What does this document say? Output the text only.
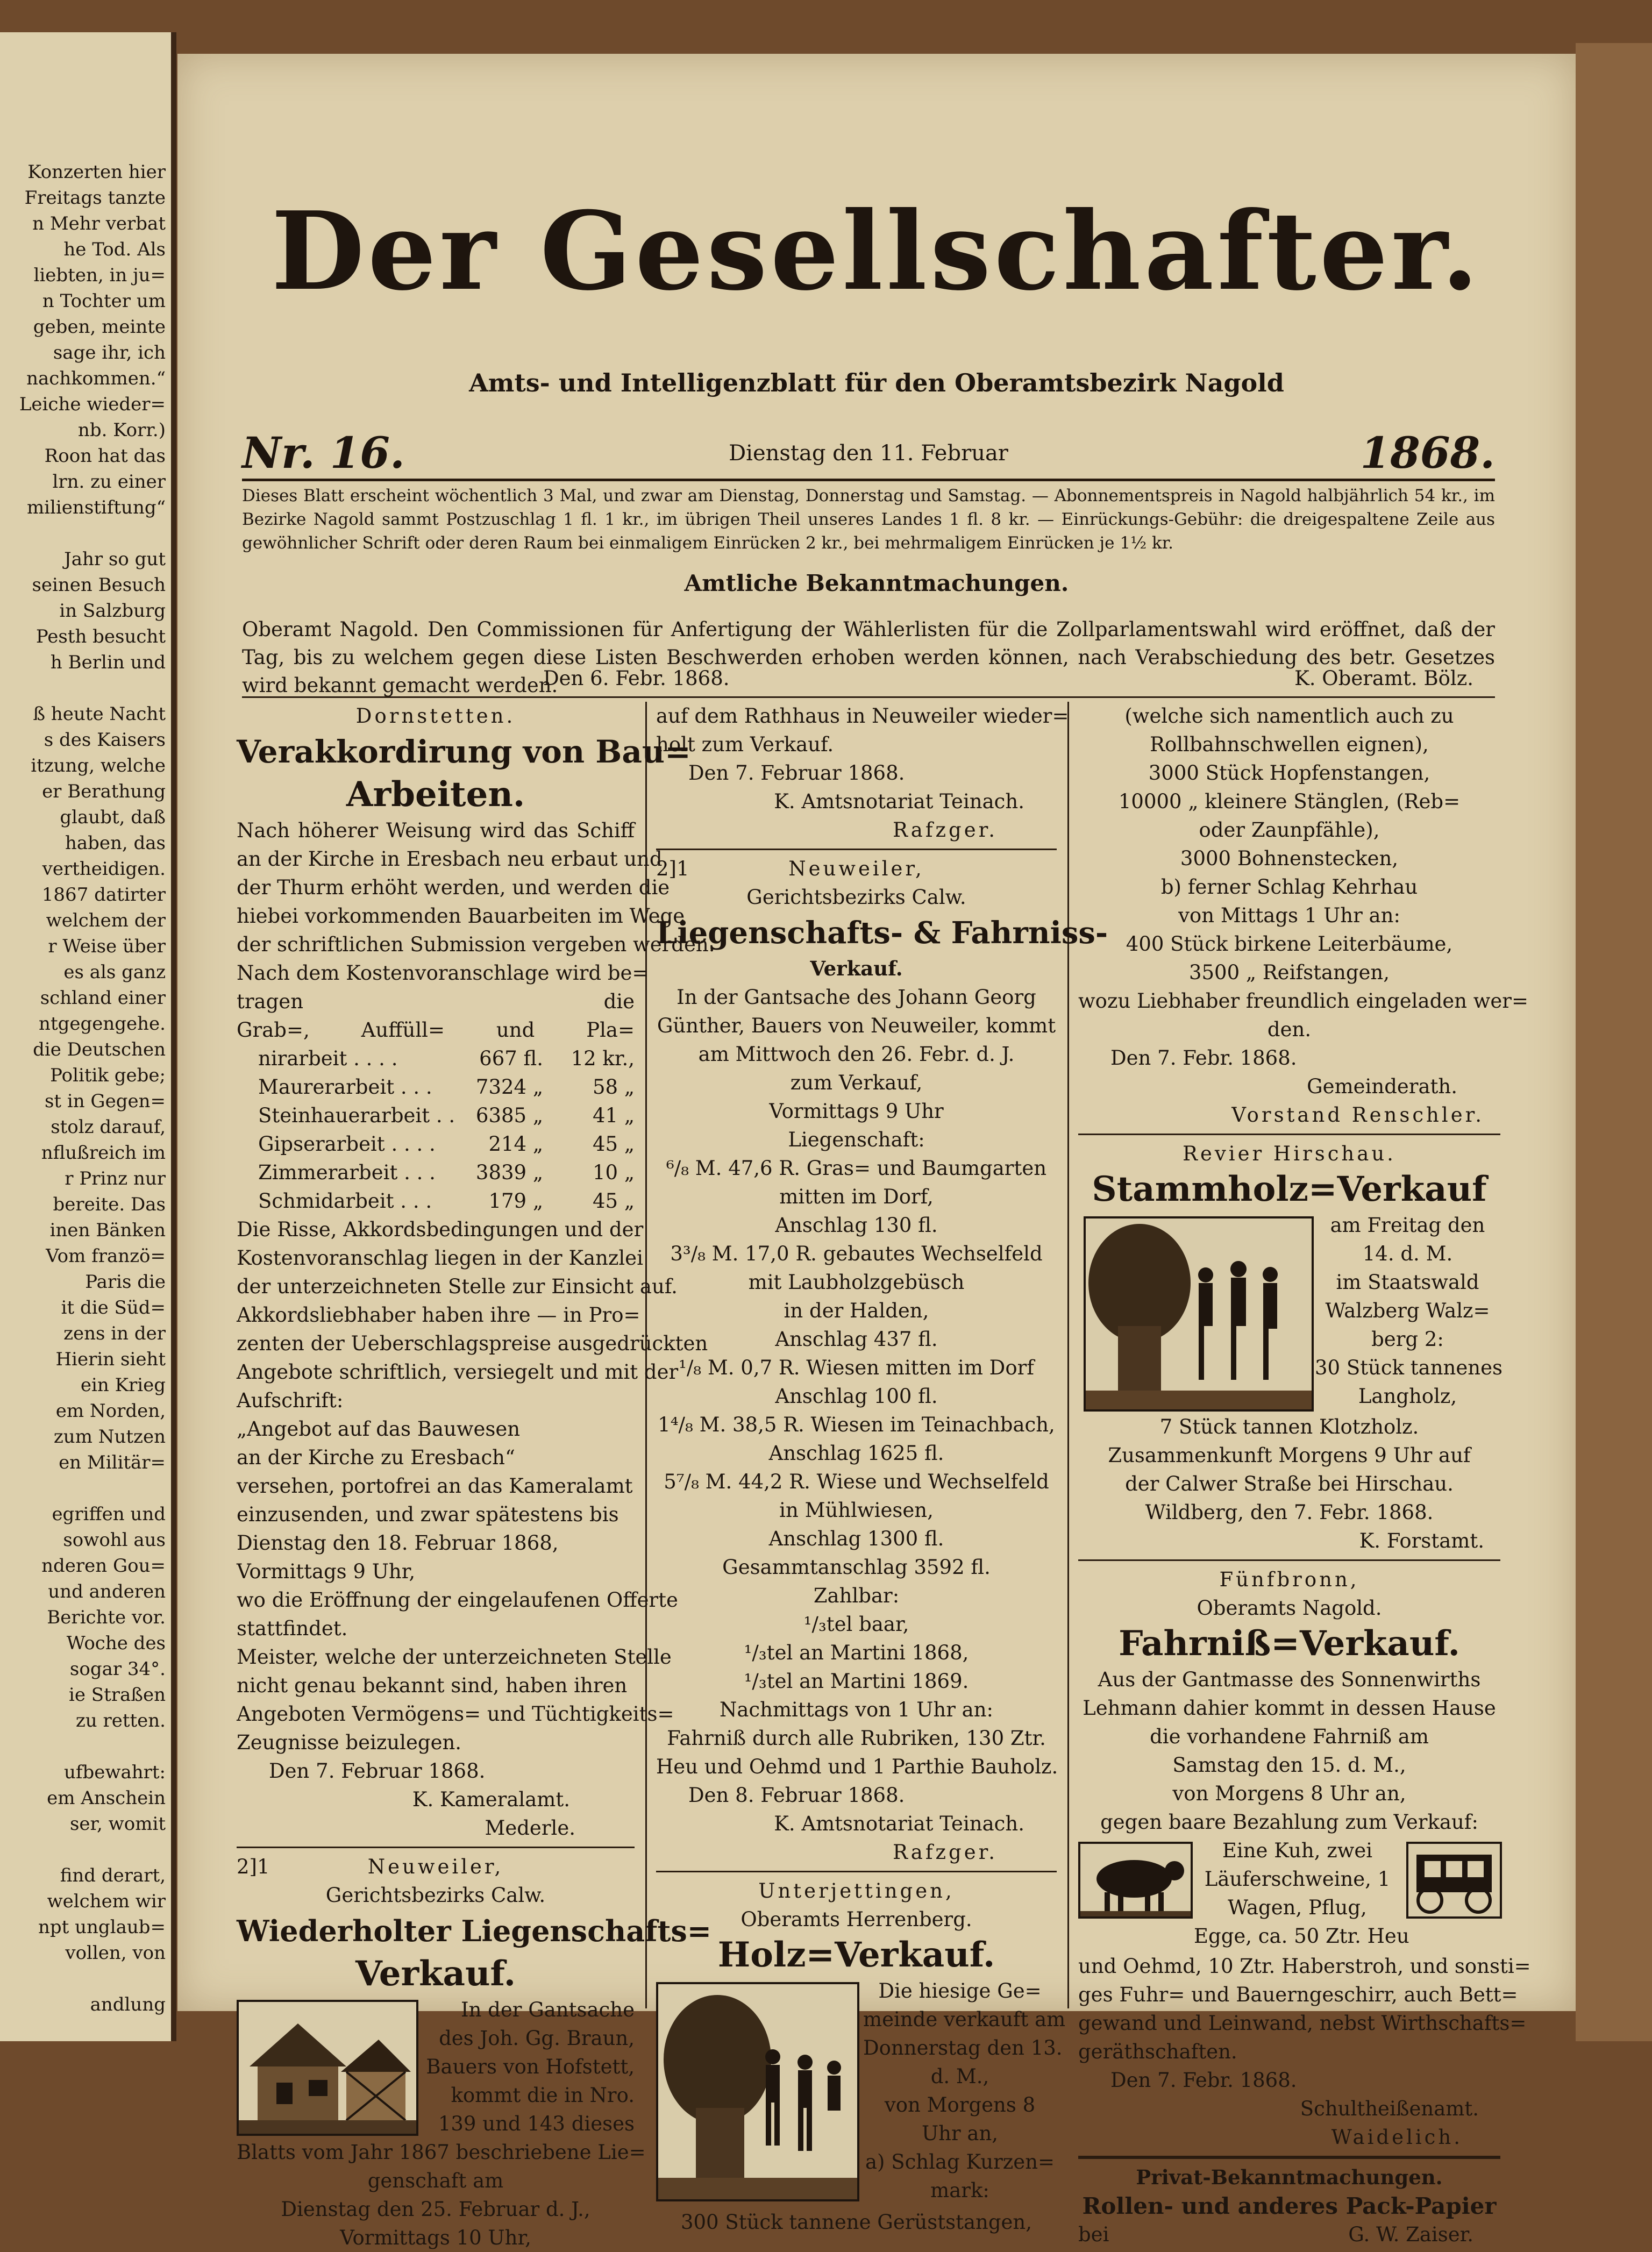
Konzerten hier
Freitags tanzte
n Mehr verbat
he Tod. Als
liebten, in ju=
n Tochter um
geben, meinte
sage ihr, ich
nachkommen.“
Leiche wieder=
nb. Korr.)
Roon hat das
lrn. zu einer
milienstiftung“
Jahr so gut
seinen Besuch
in Salzburg
Pesth besucht
h Berlin und
ß heute Nacht
s des Kaisers
itzung, welche
er Berathung
glaubt, daß
haben, das
vertheidigen.
1867 datirter
welchem der
r Weise über
es als ganz
schland einer
ntgegengehe.
die Deutschen
Politik gebe;
st in Gegen=
stolz darauf,
nflußreich im
r Prinz nur
bereite. Das
inen Bänken
Vom franzö=
Paris die
it die Süd=
zens in der
Hierin sieht
ein Krieg
em Norden,
zum Nutzen
en Militär=
egriffen und
sowohl aus
nderen Gou=
und anderen
Berichte vor.
Woche des
sogar 34°.
ie Straßen
zu retten.
ufbewahrt:
em Anschein
ser, womit
find derart,
welchem wir
npt unglaub=
vollen, von
andlung
Der Gesellschafter.
Amts- und Intelligenzblatt für den Oberamtsbezirk Nagold
Nr. 16.	Dienstag den 11. Februar	1868.
Dieses Blatt erscheint wöchentlich 3 Mal, und zwar am Dienstag, Donnerstag und Samstag. — Abonnementspreis in Nagold halbjährlich 54 kr., im Bezirke Nagold sammt Postzuschlag 1 fl. 1 kr., im übrigen Theil unseres Landes 1 fl. 8 kr. — Einrückungs-Gebühr: die dreigespaltene Zeile aus gewöhnlicher Schrift oder deren Raum bei einmaligem Einrücken 2 kr., bei mehrmaligem Einrücken je 1½ kr.
Amtliche Bekanntmachungen.
Oberamt Nagold. Den Commissionen für Anfertigung der Wählerlisten für die Zollparlamentswahl wird eröffnet, daß der Tag, bis zu welchem gegen diese Listen Beschwerden erhoben werden können, nach Verabschiedung des betr. Gesetzes wird bekannt gemacht werden.
Den 6. Febr. 1868.	K. Oberamt. Bölz.
Dornstetten.
Verakkordirung von Bau=
Arbeiten.
Nach höherer Weisung wird das Schiff
an der Kirche in Eresbach neu erbaut und
der Thurm erhöht werden, und werden die
hiebei vorkommenden Bauarbeiten im Wege
der schriftlichen Submission vergeben werden.
Nach dem Kostenvoranschlage wird be=
tragen die
Grab=, Auffüll= und Pla=
nirarbeit . . . .	667 fl.	12 kr.,
Maurerarbeit . . .	7324 „	58 „
Steinhauerarbeit . .	6385 „	41 „
Gipserarbeit . . . .	214 „	45 „
Zimmerarbeit . . .	3839 „	10 „
Schmidarbeit . . .	179 „	45 „
Die Risse, Akkordsbedingungen und der
Kostenvoranschlag liegen in der Kanzlei
der unterzeichneten Stelle zur Einsicht auf.
Akkordsliebhaber haben ihre — in Pro=
zenten der Ueberschlagspreise ausgedrückten
Angebote schriftlich, versiegelt und mit der
Aufschrift:
„Angebot auf das Bauwesen
an der Kirche zu Eresbach“
versehen, portofrei an das Kameralamt
einzusenden, und zwar spätestens bis
Dienstag den 18. Februar 1868,
Vormittags 9 Uhr,
wo die Eröffnung der eingelaufenen Offerte
stattfindet.
Meister, welche der unterzeichneten Stelle
nicht genau bekannt sind, haben ihren
Angeboten Vermögens= und Tüchtigkeits=
Zeugnisse beizulegen.
Den 7. Februar 1868.
K. Kameralamt.
Mederle.
2]1	Neuweiler,
Gerichtsbezirks Calw.
Wiederholter Liegenschafts=
Verkauf.
In der Gantsache
des Joh. Gg. Braun,
Bauers von Hofstett,
kommt die in Nro.
139 und 143 dieses
Blatts vom Jahr 1867 beschriebene Lie=
genschaft am
Dienstag den 25. Februar d. J.,
Vormittags 10 Uhr,
auf dem Rathhaus in Neuweiler wieder=
holt zum Verkauf.
Den 7. Februar 1868.
K. Amtsnotariat Teinach.
Rafzger.
2]1	Neuweiler,
Gerichtsbezirks Calw.
Liegenschafts- & Fahrniss-
Verkauf.
In der Gantsache des Johann Georg
Günther, Bauers von Neuweiler, kommt
am Mittwoch den 26. Febr. d. J.
zum Verkauf,
Vormittags 9 Uhr
Liegenschaft:
⁶/₈ M. 47,6 R. Gras= und Baumgarten
mitten im Dorf,
Anschlag 130 fl.
3³/₈ M. 17,0 R. gebautes Wechselfeld
mit Laubholzgebüsch
in der Halden,
Anschlag 437 fl.
¹/₈ M. 0,7 R. Wiesen mitten im Dorf
Anschlag 100 fl.
1⁴/₈ M. 38,5 R. Wiesen im Teinachbach,
Anschlag 1625 fl.
5⁷/₈ M. 44,2 R. Wiese und Wechselfeld
in Mühlwiesen,
Anschlag 1300 fl.
Gesammtanschlag 3592 fl.
Zahlbar:
¹/₃tel baar,
¹/₃tel an Martini 1868,
¹/₃tel an Martini 1869.
Nachmittags von 1 Uhr an:
Fahrniß durch alle Rubriken, 130 Ztr.
Heu und Oehmd und 1 Parthie Bauholz.
Den 8. Februar 1868.
K. Amtsnotariat Teinach.
Rafzger.
Unterjettingen,
Oberamts Herrenberg.
Holz=Verkauf.
Die hiesige Ge=
meinde verkauft am
Donnerstag den 13.
d. M.,
von Morgens 8
Uhr an,
a) Schlag Kurzen=
mark:
300 Stück tannene Gerüststangen,
(welche sich namentlich auch zu
Rollbahnschwellen eignen),
3000 Stück Hopfenstangen,
10000 „ kleinere Stänglen, (Reb=
oder Zaunpfähle),
3000 Bohnenstecken,
b) ferner Schlag Kehrhau
von Mittags 1 Uhr an:
400 Stück birkene Leiterbäume,
3500 „ Reifstangen,
wozu Liebhaber freundlich eingeladen wer=
den.
Den 7. Febr. 1868.
Gemeinderath.
Vorstand Renschler.
Revier Hirschau.
Stammholz=Verkauf
am Freitag den
14. d. M.
im Staatswald
Walzberg Walz=
berg 2:
30 Stück tannenes
Langholz,
7 Stück tannen Klotzholz.
Zusammenkunft Morgens 9 Uhr auf
der Calwer Straße bei Hirschau.
Wildberg, den 7. Febr. 1868.
K. Forstamt.
Fünfbronn,
Oberamts Nagold.
Fahrniß=Verkauf.
Aus der Gantmasse des Sonnenwirths
Lehmann dahier kommt in dessen Hause
die vorhandene Fahrniß am
Samstag den 15. d. M.,
von Morgens 8 Uhr an,
gegen baare Bezahlung zum Verkauf:
Eine Kuh, zwei
Läuferschweine, 1
Wagen, Pflug,
Egge, ca. 50 Ztr. Heu
und Oehmd, 10 Ztr. Haberstroh, und sonsti=
ges Fuhr= und Bauerngeschirr, auch Bett=
gewand und Leinwand, nebst Wirthschafts=
geräthschaften.
Den 7. Febr. 1868.
Schultheißenamt.
Waidelich.
Privat-Bekanntmachungen.
Rollen- und anderes Pack-Papier
bei	G. W. Zaiser.
